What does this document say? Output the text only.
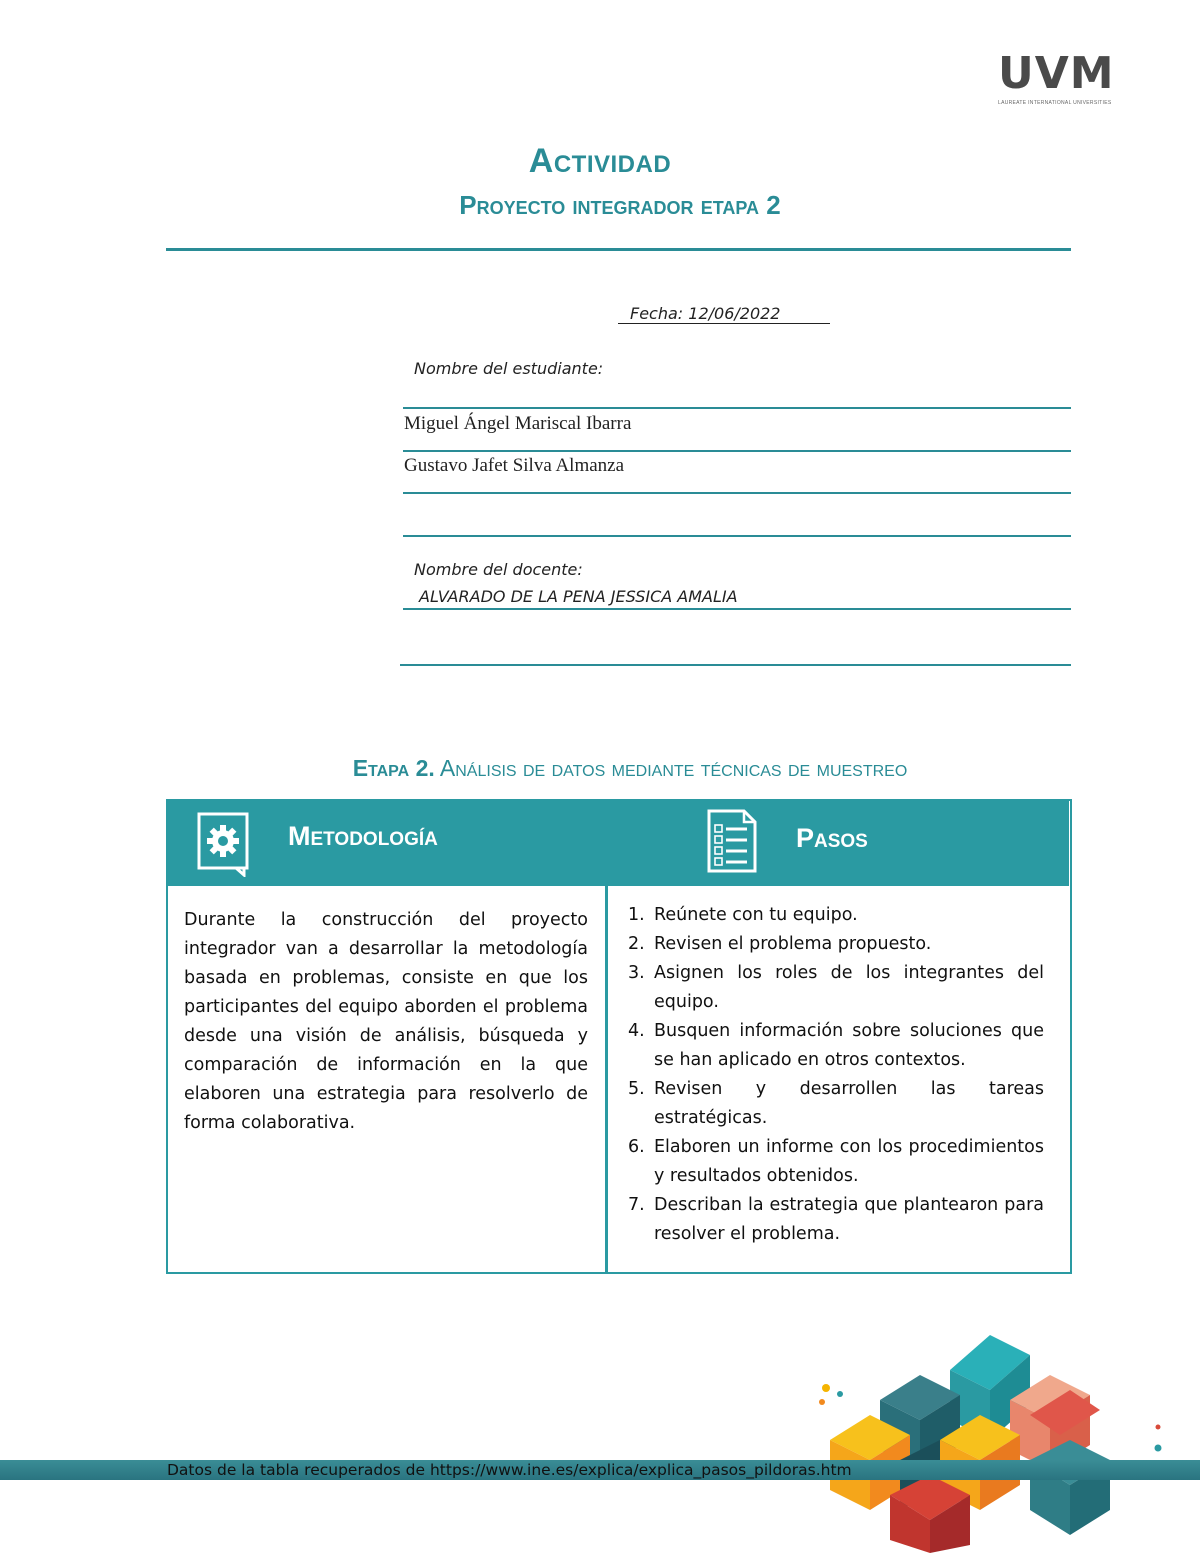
UVM
LAUREATE INTERNATIONAL UNIVERSITIES
Actividad
Proyecto integrador etapa 2
Fecha: 12/06/2022
Nombre del estudiante:
Miguel Ángel Mariscal Ibarra
Gustavo Jafet Silva Almanza
Nombre del docente:
ALVARADO DE LA PENA JESSICA AMALIA
Etapa 2. Análisis de datos mediante técnicas de muestreo
Metodología	Pasos
Durante la construcción del proyecto integrador van a desarrollar la metodología basada en problemas, consiste en que los participantes del equipo aborden el problema desde una visión de análisis, búsqueda y comparación de información en la que elaboren una estrategia para resolverlo de forma colaborativa.
1. Reúnete con tu equipo.
2. Revisen el problema propuesto.
3. Asignen los roles de los integrantes del equipo.
4. Busquen información sobre soluciones que se han aplicado en otros contextos.
5. Revisen y desarrollen las tareas estratégicas.
6. Elaboren un informe con los procedimientos y resultados obtenidos.
7. Describan la estrategia que plantearon para resolver el problema.
Datos de la tabla recuperados de https://www.ine.es/explica/explica_pasos_pildoras.htm
